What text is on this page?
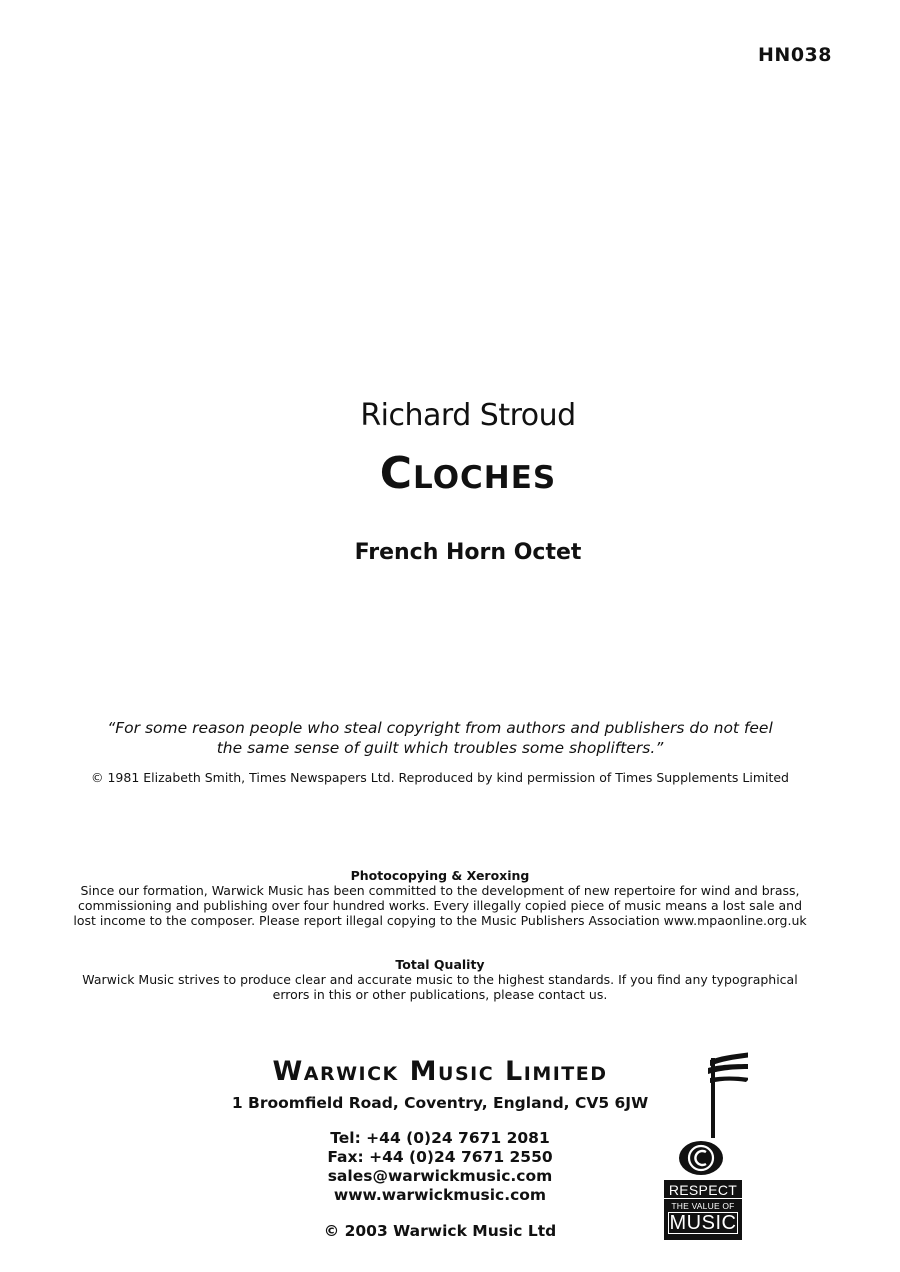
HN038
Richard Stroud
Cloches
French Horn Octet
“For some reason people who steal copyright from authors and publishers do not feel
the same sense of guilt which troubles some shoplifters.”
© 1981 Elizabeth Smith, Times Newspapers Ltd. Reproduced by kind permission of Times Supplements Limited
Photocopying & Xeroxing
Since our formation, Warwick Music has been committed to the development of new repertoire for wind and brass,
commissioning and publishing over four hundred works. Every illegally copied piece of music means a lost sale and
lost income to the composer. Please report illegal copying to the Music Publishers Association www.mpaonline.org.uk
Total Quality
Warwick Music strives to produce clear and accurate music to the highest standards. If you find any typographical
errors in this or other publications, please contact us.
Warwick Music Limited
1 Broomfield Road, Coventry, England, CV5 6JW
Tel: +44 (0)24 7671 2081
Fax: +44 (0)24 7671 2550
sales@warwickmusic.com
www.warwickmusic.com
© 2003 Warwick Music Ltd
RESPECT
THE VALUE OF
MUSIC
